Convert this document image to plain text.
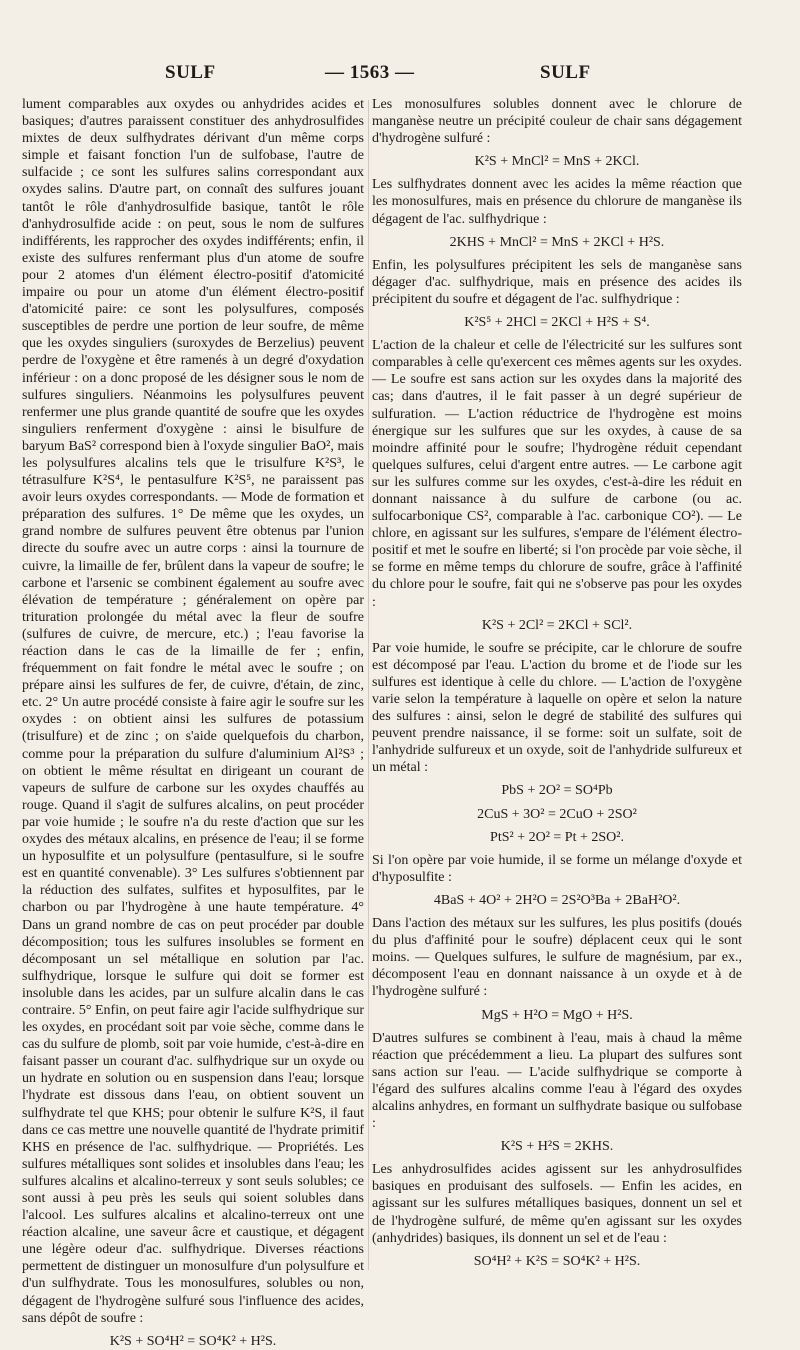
SULF	— 1563 —	SULF

lument comparables aux oxydes ou anhydrides acides et basiques; d'autres paraissent constituer des anhydrosulfides mixtes de deux sulfhydrates dérivant d'un même corps simple et faisant fonction l'un de sulfobase, l'autre de sulfacide ; ce sont les sulfures salins correspondant aux oxydes salins. D'autre part, on connaît des sulfures jouant tantôt le rôle d'anhydrosulfide basique, tantôt le rôle d'anhydrosulfide acide : on peut, sous le nom de sulfures indifférents, les rapprocher des oxydes indifférents; enfin, il existe des sulfures renfermant plus d'un atome de soufre pour 2 atomes d'un élément électro-positif d'atomicité impaire ou pour un atome d'un élément électro-positif d'atomicité paire: ce sont les polysulfures, composés susceptibles de perdre une portion de leur soufre, de même que les oxydes singuliers (suroxydes de Berzelius) peuvent perdre de l'oxygène et être ramenés à un degré d'oxydation inférieur : on a donc proposé de les désigner sous le nom de sulfures singuliers. Néanmoins les polysulfures peuvent renfermer une plus grande quantité de soufre que les oxydes singuliers renferment d'oxygène : ainsi le bisulfure de baryum BaS² correspond bien à l'oxyde singulier BaO², mais les polysulfures alcalins tels que le trisulfure K²S³, le tétrasulfure K²S⁴, le pentasulfure K²S⁵, ne paraissent pas avoir leurs oxydes correspondants. — Mode de formation et préparation des sulfures. 1° De même que les oxydes, un grand nombre de sulfures peuvent être obtenus par l'union directe du soufre avec un autre corps : ainsi la tournure de cuivre, la limaille de fer, brûlent dans la vapeur de soufre; le carbone et l'arsenic se combinent également au soufre avec élévation de température ; généralement on opère par trituration prolongée du métal avec la fleur de soufre (sulfures de cuivre, de mercure, etc.) ; l'eau favorise la réaction dans le cas de la limaille de fer ; enfin, fréquemment on fait fondre le métal avec le soufre ; on prépare ainsi les sulfures de fer, de cuivre, d'étain, de zinc, etc. 2° Un autre procédé consiste à faire agir le soufre sur les oxydes : on obtient ainsi les sulfures de potassium (trisulfure) et de zinc ; on s'aide quelquefois du charbon, comme pour la préparation du sulfure d'aluminium Al²S³ ; on obtient le même résultat en dirigeant un courant de vapeurs de sulfure de carbone sur les oxydes chauffés au rouge. Quand il s'agit de sulfures alcalins, on peut procéder par voie humide ; le soufre n'a du reste d'action que sur les oxydes des métaux alcalins, en présence de l'eau; il se forme un hyposulfite et un polysulfure (pentasulfure, si le soufre est en quantité convenable). 3° Les sulfures s'obtiennent par la réduction des sulfates, sulfites et hyposulfites, par le charbon ou par l'hydrogène à une haute température. 4° Dans un grand nombre de cas on peut procéder par double décomposition; tous les sulfures insolubles se forment en décomposant un sel métallique en solution par l'ac. sulfhydrique, lorsque le sulfure qui doit se former est insoluble dans les acides, par un sulfure alcalin dans le cas contraire. 5° Enfin, on peut faire agir l'acide sulfhydrique sur les oxydes, en procédant soit par voie sèche, comme dans le cas du sulfure de plomb, soit par voie humide, c'est-à-dire en faisant passer un courant d'ac. sulfhydrique sur un oxyde ou un hydrate en solution ou en suspension dans l'eau; lorsque l'hydrate est dissous dans l'eau, on obtient souvent un sulfhydrate tel que KHS; pour obtenir le sulfure K²S, il faut dans ce cas mettre une nouvelle quantité de l'hydrate primitif KHS en présence de l'ac. sulfhydrique. — Propriétés. Les sulfures métalliques sont solides et insolubles dans l'eau; les sulfures alcalins et alcalino-terreux y sont seuls solubles; ce sont aussi à peu près les seuls qui soient solubles dans l'alcool. Les sulfures alcalins et alcalino-terreux ont une réaction alcaline, une saveur âcre et caustique, et dégagent une légère odeur d'ac. sulfhydrique. Diverses réactions permettent de distinguer un monosulfure d'un polysulfure et d'un sulfhydrate. Tous les monosulfures, solubles ou non, dégagent de l'hydrogène sulfuré sous l'influence des acides, sans dépôt de soufre :

K²S + SO⁴H² = SO⁴K² + H²S.

Les monosulfures solubles donnent avec le chlorure de manganèse neutre un précipité couleur de chair sans dégagement d'hydrogène sulfuré :

K²S + MnCl² = MnS + 2KCl.

Les sulfhydrates donnent avec les acides la même réaction que les monosulfures, mais en présence du chlorure de manganèse ils dégagent de l'ac. sulfhydrique :

2KHS + MnCl² = MnS + 2KCl + H²S.

Enfin, les polysulfures précipitent les sels de manganèse sans dégager d'ac. sulfhydrique, mais en présence des acides ils précipitent du soufre et dégagent de l'ac. sulfhydrique :

K²S⁵ + 2HCl = 2KCl + H²S + S⁴.

L'action de la chaleur et celle de l'électricité sur les sulfures sont comparables à celle qu'exercent ces mêmes agents sur les oxydes. — Le soufre est sans action sur les oxydes dans la majorité des cas; dans d'autres, il le fait passer à un degré supérieur de sulfuration. — L'action réductrice de l'hydrogène est moins énergique sur les sulfures que sur les oxydes, à cause de sa moindre affinité pour le soufre; l'hydrogène réduit cependant quelques sulfures, celui d'argent entre autres. — Le carbone agit sur les sulfures comme sur les oxydes, c'est-à-dire les réduit en donnant naissance à du sulfure de carbone (ou ac. sulfocarbonique CS², comparable à l'ac. carbonique CO²). — Le chlore, en agissant sur les sulfures, s'empare de l'élément électro-positif et met le soufre en liberté; si l'on procède par voie sèche, il se forme en même temps du chlorure de soufre, grâce à l'affinité du chlore pour le soufre, fait qui ne s'observe pas pour les oxydes :

K²S + 2Cl² = 2KCl + SCl².

Par voie humide, le soufre se précipite, car le chlorure de soufre est décomposé par l'eau. L'action du brome et de l'iode sur les sulfures est identique à celle du chlore. — L'action de l'oxygène varie selon la température à laquelle on opère et selon la nature des sulfures : ainsi, selon le degré de stabilité des sulfures qui peuvent prendre naissance, il se forme: soit un sulfate, soit de l'anhydride sulfureux et un oxyde, soit de l'anhydride sulfureux et un métal :

PbS + 2O² = SO⁴Pb

2CuS + 3O² = 2CuO + 2SO²

PtS² + 2O² = Pt + 2SO².

Si l'on opère par voie humide, il se forme un mélange d'oxyde et d'hyposulfite :

4BaS + 4O² + 2H²O = 2S²O³Ba + 2BaH²O².

Dans l'action des métaux sur les sulfures, les plus positifs (doués du plus d'affinité pour le soufre) déplacent ceux qui le sont moins. — Quelques sulfures, le sulfure de magnésium, par ex., décomposent l'eau en donnant naissance à un oxyde et à de l'hydrogène sulfuré :

MgS + H²O = MgO + H²S.

D'autres sulfures se combinent à l'eau, mais à chaud la même réaction que précédemment a lieu. La plupart des sulfures sont sans action sur l'eau. — L'acide sulfhydrique se comporte à l'égard des sulfures alcalins comme l'eau à l'égard des oxydes alcalins anhydres, en formant un sulfhydrate basique ou sulfobase :

K²S + H²S = 2KHS.

Les anhydrosulfides acides agissent sur les anhydrosulfides basiques en produisant des sulfosels. — Enfin les acides, en agissant sur les sulfures métalliques basiques, donnent un sel et de l'hydrogène sulfuré, de même qu'en agissant sur les oxydes (anhydrides) basiques, ils donnent un sel et de l'eau :

SO⁴H² + K²S = SO⁴K² + H²S.
